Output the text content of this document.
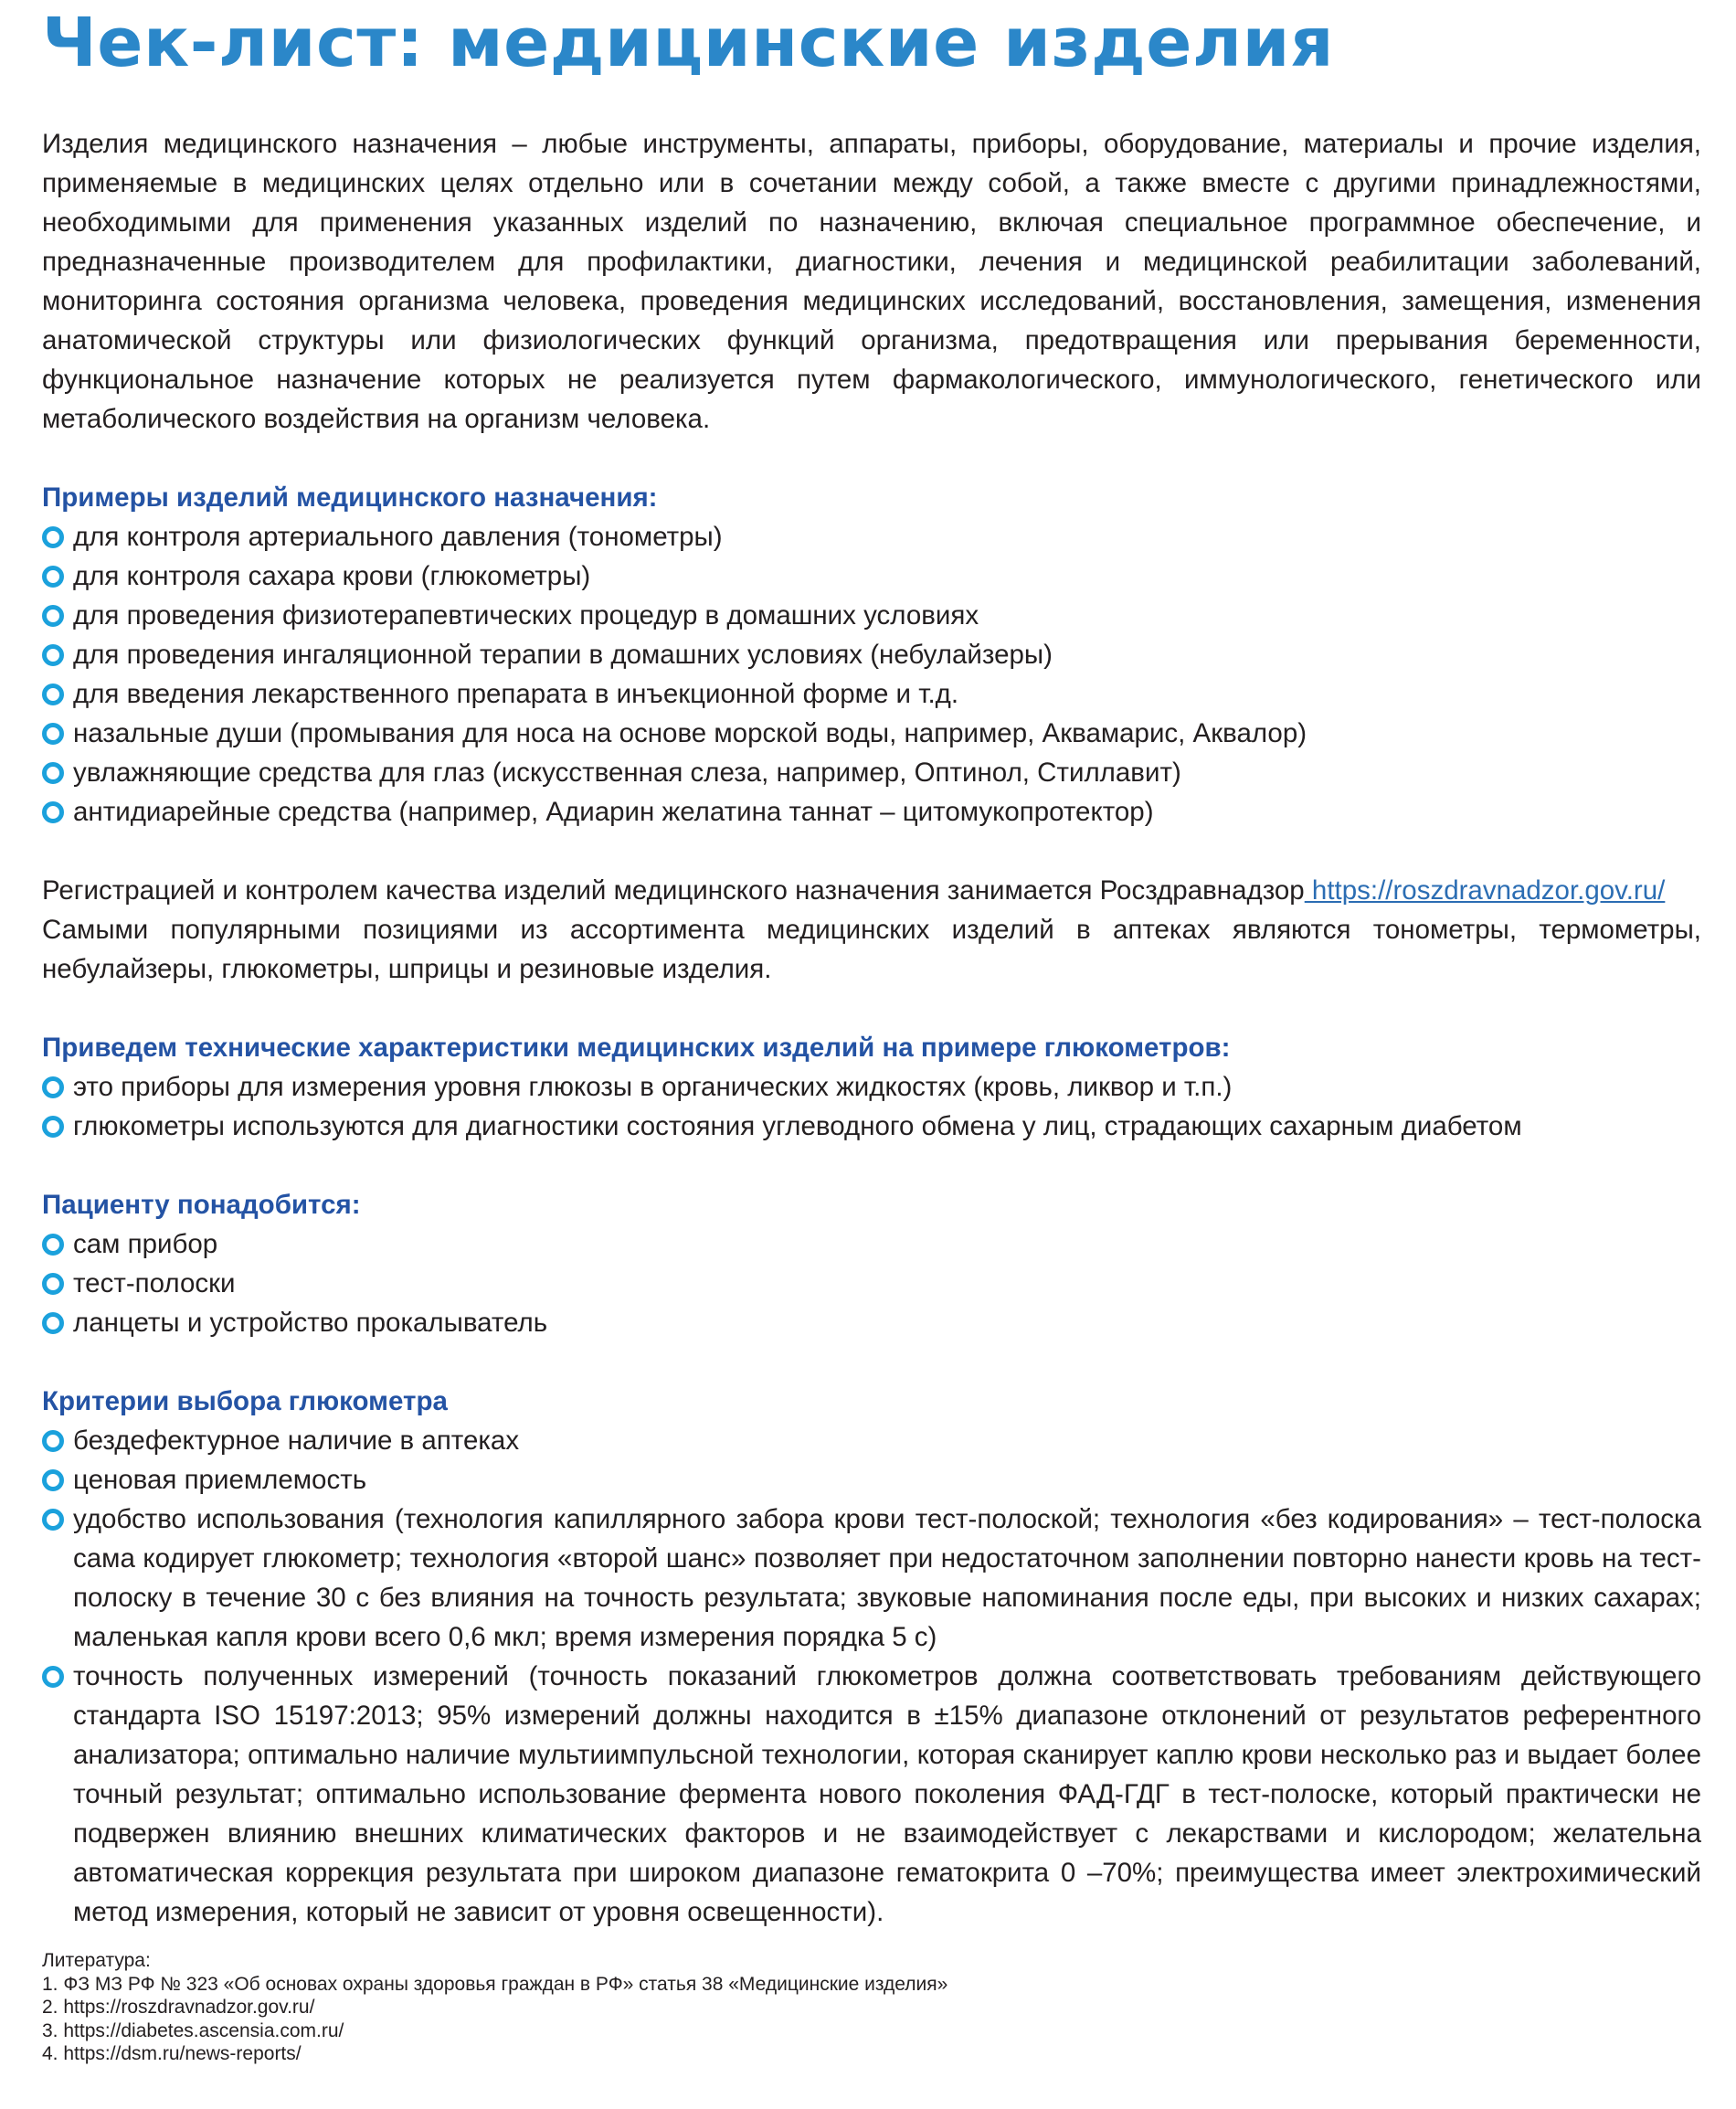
Чек-лист: медицинские изделия

Изделия медицинского назначения – любые инструменты, аппараты, приборы, оборудование, материалы и прочие изделия, применяемые в медицинских целях отдельно или в сочетании между собой, а также вместе с другими принадлежностями, необходимыми для применения указанных изделий по назначению, включая специальное программное обеспечение, и предназначенные производителем для профилактики, диагностики, лечения и медицинской реабилитации заболеваний, мониторинга состояния организма человека, проведения медицинских исследований, восстановления, замещения, изменения анатомической структуры или физиологических функций организма, предотвращения или прерывания беременности, функциональное назначение которых не реализуется путем фармакологического, иммунологического, генетического или метаболического воздействия на организм человека.

Примеры изделий медицинского назначения:
для контроля артериального давления (тонометры)
для контроля сахара крови (глюкометры)
для проведения физиотерапевтических процедур в домашних условиях
для проведения ингаляционной терапии в домашних условиях (небулайзеры)
для введения лекарственного препарата в инъекционной форме и т.д.
назальные души (промывания для носа на основе морской воды, например, Аквамарис, Аквалор)
увлажняющие средства для глаз (искусственная слеза, например, Оптинол, Стиллавит)
антидиарейные средства (например, Адиарин желатина таннат – цитомукопротектор)

Регистрацией и контролем качества изделий медицинского назначения занимается Росздравнадзор https://roszdravnadzor.gov.ru/

Самыми популярными позициями из ассортимента медицинских изделий в аптеках являются тонометры, термометры, небулайзеры, глюкометры, шприцы и резиновые изделия.

Приведем технические характеристики медицинских изделий на примере глюкометров:
это приборы для измерения уровня глюкозы в органических жидкостях (кровь, ликвор и т.п.)
глюкометры используются для диагностики состояния углеводного обмена у лиц, страдающих сахарным диабетом
Пациенту понадобится:
сам прибор
тест-полоски
ланцеты и устройство прокалыватель
Критерии выбора глюкометра
бездефектурное наличие в аптеках
ценовая приемлемость
удобство использования (технология капиллярного забора крови тест-полоской; технология «без кодирования» – тест-полоска сама кодирует глюкометр; технология «второй шанс» позволяет при недостаточном заполнении повторно нанести кровь на тест-полоску в течение 30 с без влияния на точность результата; звуковые напоминания после еды, при высоких и низких сахарах; маленькая капля крови всего 0,6 мкл; время измерения порядка 5 с)
точность полученных измерений (точность показаний глюкометров должна соответствовать требованиям действующего стандарта ISO 15197:2013; 95% измерений должны находится в ±15% диапазоне отклонений от результатов референтного анализатора; оптимально наличие мультиимпульсной технологии, которая сканирует каплю крови несколько раз и выдает более точный результат; оптимально использование фермента нового поколения ФАД-ГДГ в тест-полоске, который практически не подвержен влиянию внешних климатических факторов и не взаимодействует с лекарствами и кислородом; желательна автоматическая коррекция результата при широком диапазоне гематокрита 0 –70%; преимущества имеет электрохимический метод измерения, который не зависит от уровня освещенности).
Литература:
1. ФЗ МЗ РФ № 323 «Об основах охраны здоровья граждан в РФ» статья 38 «Медицинские изделия»
2. https://roszdravnadzor.gov.ru/
3. https://diabetes.ascensia.com.ru/
4. https://dsm.ru/news-reports/
